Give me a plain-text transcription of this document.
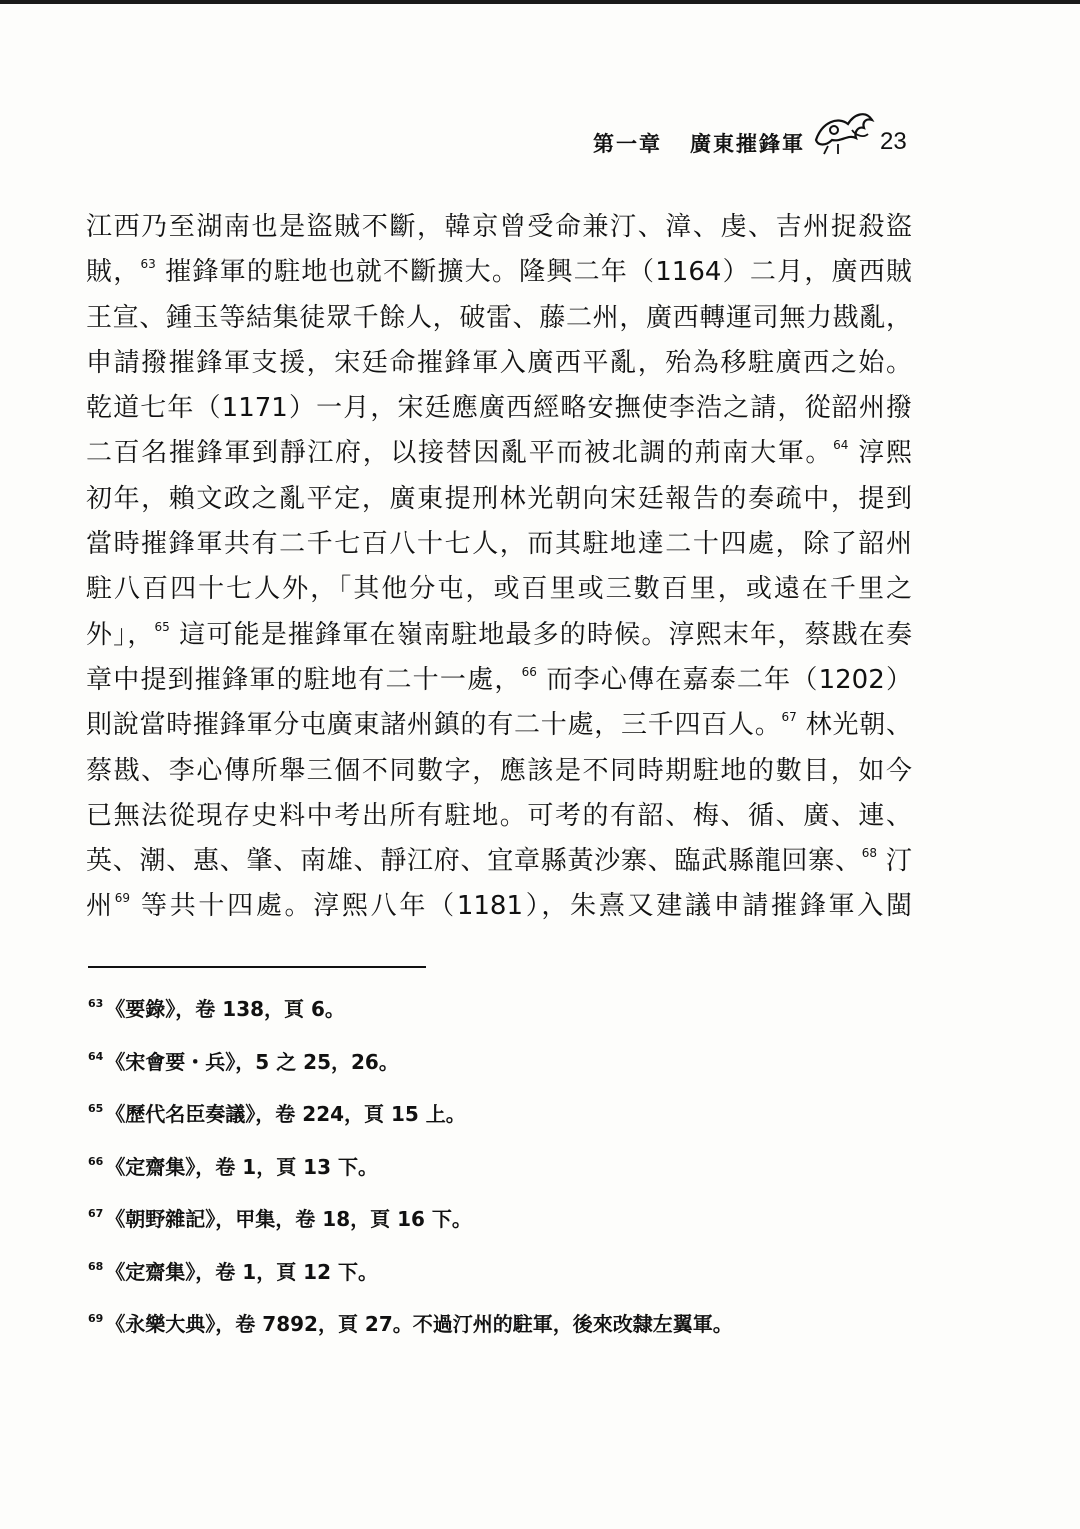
第一章 廣東摧鋒軍	23
江西乃至湖南也是盜賊不斷，韓京曾受命兼汀、漳、虔、吉州捉殺盜
賊，$^{63}$ 摧鋒軍的駐地也就不斷擴大。隆興二年（1164）二月，廣西賊
王宣、鍾玉等結集徒眾千餘人，破雷、藤二州，廣西轉運司無力戡亂，
申請撥摧鋒軍支援，宋廷命摧鋒軍入廣西平亂，殆為移駐廣西之始。
乾道七年（1171）一月，宋廷應廣西經略安撫使李浩之請，從韶州撥
二百名摧鋒軍到靜江府，以接替因亂平而被北調的荊南大軍。$^{64}$ 淳熙
初年，賴文政之亂平定，廣東提刑林光朝向宋廷報告的奏疏中，提到
當時摧鋒軍共有二千七百八十七人，而其駐地達二十四處，除了韶州
駐八百四十七人外，「其他分屯，或百里或三數百里，或遠在千里之
外」，$^{65}$ 這可能是摧鋒軍在嶺南駐地最多的時候。淳熙末年，蔡戡在奏
章中提到摧鋒軍的駐地有二十一處，$^{66}$ 而李心傳在嘉泰二年（1202）
則說當時摧鋒軍分屯廣東諸州鎮的有二十處，三千四百人。$^{67}$ 林光朝、
蔡戡、李心傳所舉三個不同數字，應該是不同時期駐地的數目，如今
已無法從現存史料中考出所有駐地。可考的有韶、梅、循、廣、連、
英、潮、惠、肇、南雄、靜江府、宜章縣黃沙寨、臨武縣龍回寨、$^{68}$ 汀
州$^{69}$ 等共十四處。淳熙八年（1181），朱熹又建議申請摧鋒軍入閩
$^{63}$ 《要錄》，卷 138，頁 6。
$^{64}$ 《宋會要・兵》，5 之 25，26。
$^{65}$ 《歷代名臣奏議》，卷 224，頁 15 上。
$^{66}$ 《定齋集》，卷 1，頁 13 下。
$^{67}$ 《朝野雜記》，甲集，卷 18，頁 16 下。
$^{68}$ 《定齋集》，卷 1，頁 12 下。
$^{69}$ 《永樂大典》，卷 7892，頁 27。不過汀州的駐軍，後來改隸左翼軍。
